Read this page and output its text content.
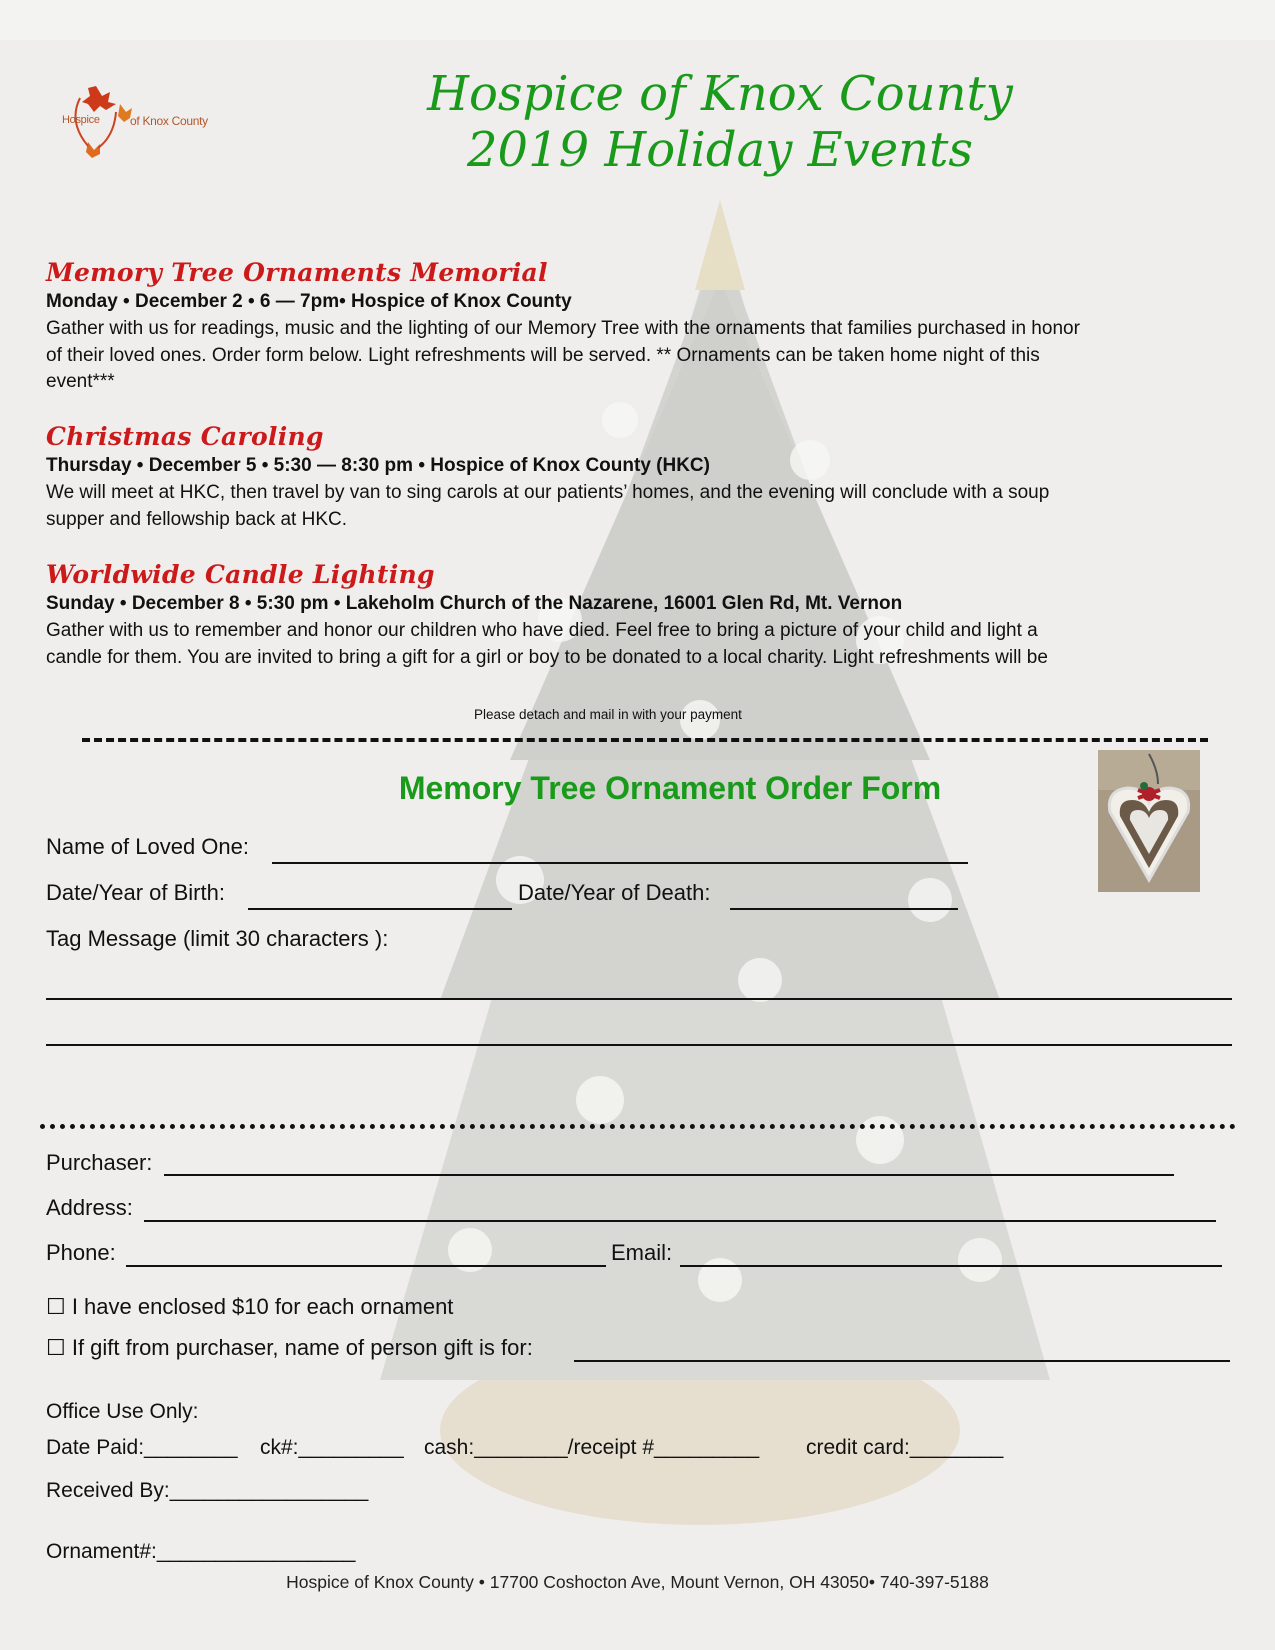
Hospice	of Knox County	Hospice of Knox County
2019 Holiday Events
Memory Tree Ornaments Memorial
Monday • December 2 • 6 — 7pm• Hospice of Knox County
Gather with us for readings, music and the lighting of our Memory Tree with the ornaments that families purchased in honor
of their loved ones. Order form below. Light refreshments will be served. ** Ornaments can be taken home night of this
event***
Christmas Caroling
Thursday • December 5 • 5:30 — 8:30 pm • Hospice of Knox County (HKC)
We will meet at HKC, then travel by van to sing carols at our patients’ homes, and the evening will conclude with a soup
supper and fellowship back at HKC.
Worldwide Candle Lighting
Sunday • December 8 • 5:30 pm • Lakeholm Church of the Nazarene, 16001 Glen Rd, Mt. Vernon
Gather with us to remember and honor our children who have died. Feel free to bring a picture of your child and light a
candle for them. You are invited to bring a gift for a girl or boy to be donated to a local charity. Light refreshments will be
Please detach and mail in with your payment
Memory Tree Ornament Order Form
Name of Loved One:
Date/Year of Birth:	Date/Year of Death:
Tag Message (limit 30 characters ):
Purchaser:
Address:
Phone:	Email:
☐ I have enclosed $10 for each ornament
☐ If gift from purchaser, name of person gift is for:
Office Use Only:
Date Paid:________ ck#:_________ cash:________/receipt #_________ credit card:________
Received By:_________________
Ornament#:_________________
Hospice of Knox County • 17700 Coshocton Ave, Mount Vernon, OH 43050• 740-397-5188
